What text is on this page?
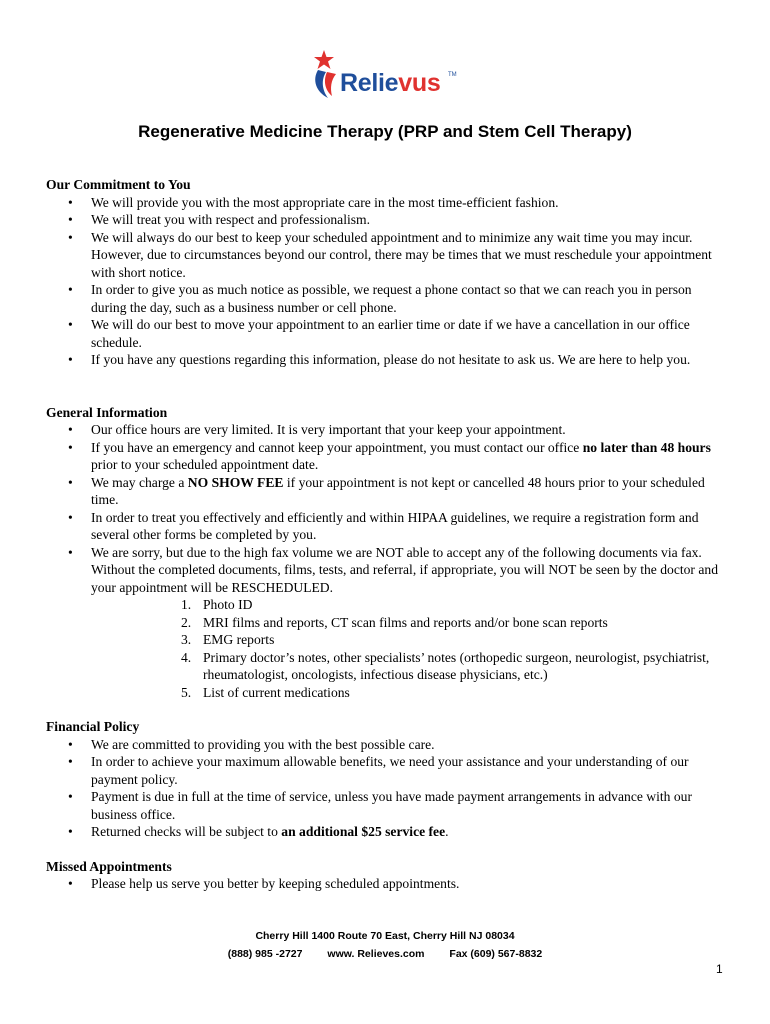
Relievus TM
Regenerative Medicine Therapy (PRP and Stem Cell Therapy)

Our Commitment to You

• We will provide you with the most appropriate care in the most time-efficient fashion.
• We will treat you with respect and professionalism.
• We will always do our best to keep your scheduled appointment and to minimize any wait time you may incur. However, due to circumstances beyond our control, there may be times that we must reschedule your appointment with short notice.
• In order to give you as much notice as possible, we request a phone contact so that we can reach you in person during the day, such as a business number or cell phone.
• We will do our best to move your appointment to an earlier time or date if we have a cancellation in our office schedule.
• If you have any questions regarding this information, please do not hesitate to ask us. We are here to help you.

General Information

• Our office hours are very limited. It is very important that your keep your appointment.
• If you have an emergency and cannot keep your appointment, you must contact our office no later than 48 hours prior to your scheduled appointment date.
• We may charge a NO SHOW FEE if your appointment is not kept or cancelled 48 hours prior to your scheduled time.
• In order to treat you effectively and efficiently and within HIPAA guidelines, we require a registration form and several other forms be completed by you.
• We are sorry, but due to the high fax volume we are NOT able to accept any of the following documents via fax. Without the completed documents, films, tests, and referral, if appropriate, you will NOT be seen by the doctor and your appointment will be RESCHEDULED.
1. Photo ID
2. MRI films and reports, CT scan films and reports and/or bone scan reports
3. EMG reports
4. Primary doctor’s notes, other specialists’ notes (orthopedic surgeon, neurologist, psychiatrist, rheumatologist, oncologists, infectious disease physicians, etc.)
5. List of current medications

Financial Policy

• We are committed to providing you with the best possible care.
• In order to achieve your maximum allowable benefits, we need your assistance and your understanding of our payment policy.
• Payment is due in full at the time of service, unless you have made payment arrangements in advance with our business office.
• Returned checks will be subject to an additional $25 service fee.

Missed Appointments

• Please help us serve you better by keeping scheduled appointments.
Cherry Hill 1400 Route 70 East, Cherry Hill NJ 08034
(888) 985 -2727 www. Relieves.com Fax (609) 567-8832
1
